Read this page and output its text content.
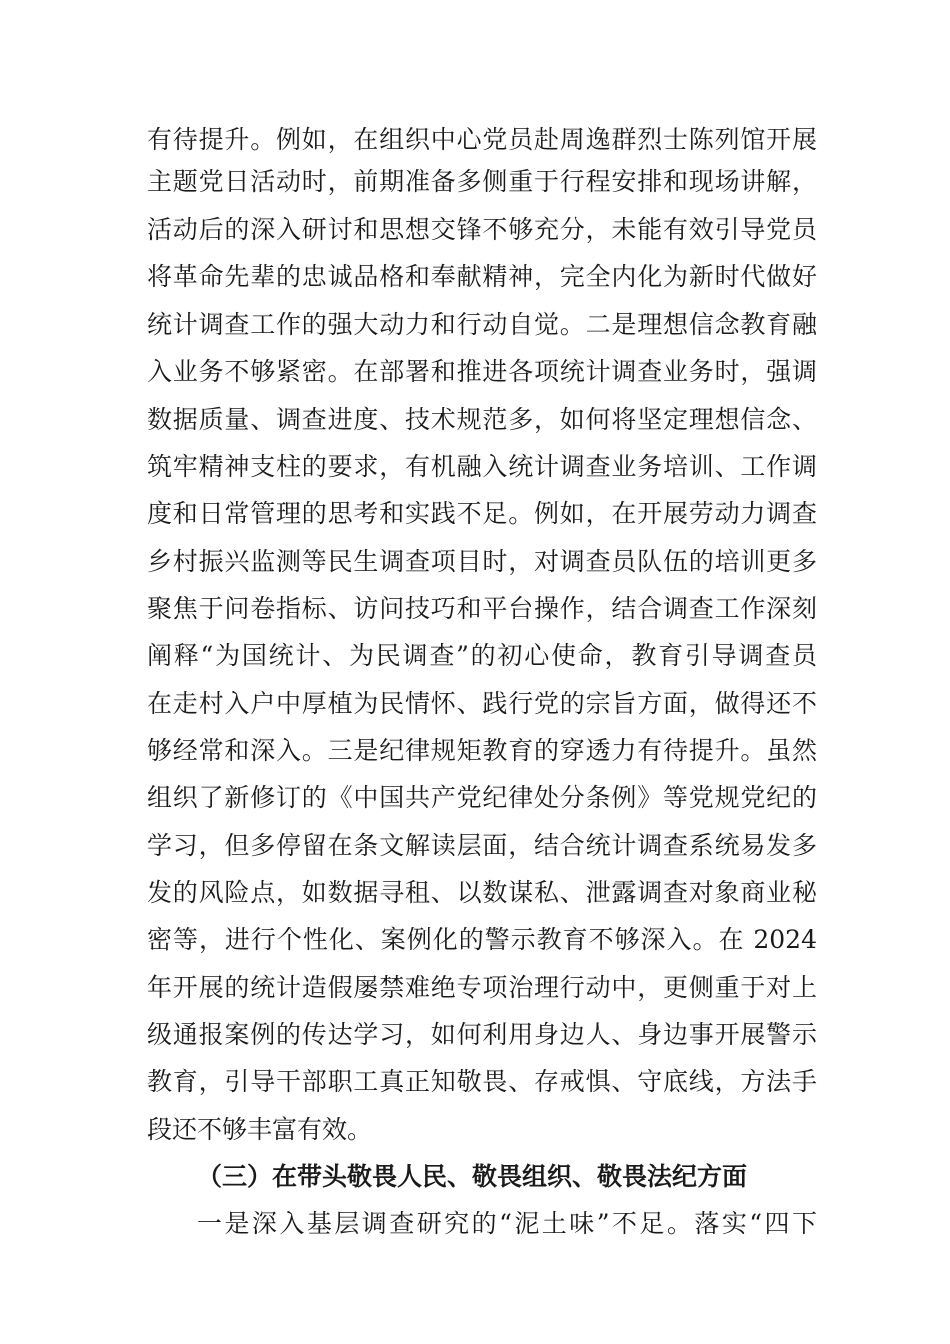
有待提升。例如，在组织中心党员赴周逸群烈士陈列馆开展
主题党日活动时，前期准备多侧重于行程安排和现场讲解，
活动后的深入研讨和思想交锋不够充分，未能有效引导党员
将革命先辈的忠诚品格和奉献精神，完全内化为新时代做好
统计调查工作的强大动力和行动自觉。二是理想信念教育融
入业务不够紧密。在部署和推进各项统计调查业务时，强调
数据质量、调查进度、技术规范多，如何将坚定理想信念、
筑牢精神支柱的要求，有机融入统计调查业务培训、工作调
度和日常管理的思考和实践不足。例如，在开展劳动力调查
乡村振兴监测等民生调查项目时，对调查员队伍的培训更多
聚焦于问卷指标、访问技巧和平台操作，结合调查工作深刻
阐释“为国统计、为民调查”的初心使命，教育引导调查员
在走村入户中厚植为民情怀、践行党的宗旨方面，做得还不
够经常和深入。三是纪律规矩教育的穿透力有待提升。虽然
组织了新修订的《中国共产党纪律处分条例》等党规党纪的
学习，但多停留在条文解读层面，结合统计调查系统易发多
发的风险点，如数据寻租、以数谋私、泄露调查对象商业秘
密等，进行个性化、案例化的警示教育不够深入。在 2024
年开展的统计造假屡禁难绝专项治理行动中，更侧重于对上
级通报案例的传达学习，如何利用身边人、身边事开展警示
教育，引导干部职工真正知敬畏、存戒惧、守底线，方法手
段还不够丰富有效。
（三）在带头敬畏人民、敬畏组织、敬畏法纪方面
一是深入基层调查研究的“泥土味”不足。落实“四下
